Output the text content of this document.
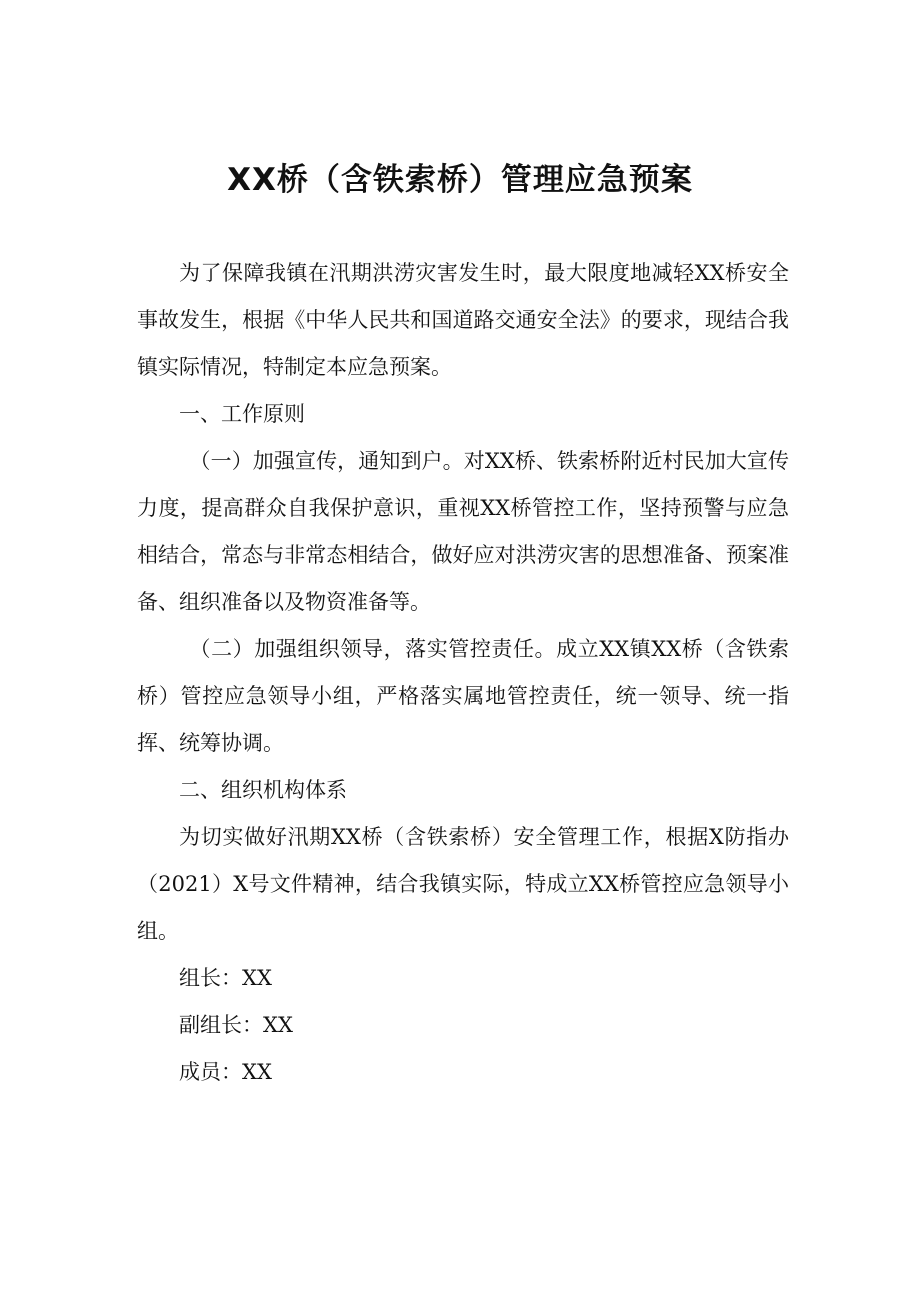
XX桥（含铁索桥）管理应急预案

为了保障我镇在汛期洪涝灾害发生时，最大限度地减轻XX桥安全事故发生，根据《中华人民共和国道路交通安全法》的要求，现结合我镇实际情况，特制定本应急预案。

一、工作原则

（一）加强宣传，通知到户。对XX桥、铁索桥附近村民加大宣传力度，提高群众自我保护意识，重视XX桥管控工作，坚持预警与应急相结合，常态与非常态相结合，做好应对洪涝灾害的思想准备、预案准备、组织准备以及物资准备等。

（二）加强组织领导，落实管控责任。成立XX镇XX桥（含铁索桥）管控应急领导小组，严格落实属地管控责任，统一领导、统一指挥、统筹协调。

二、组织机构体系

为切实做好汛期XX桥（含铁索桥）安全管理工作，根据X防指办（2021）X号文件精神，结合我镇实际，特成立XX桥管控应急领导小组。

组长：XX

副组长：XX

成员：XX
